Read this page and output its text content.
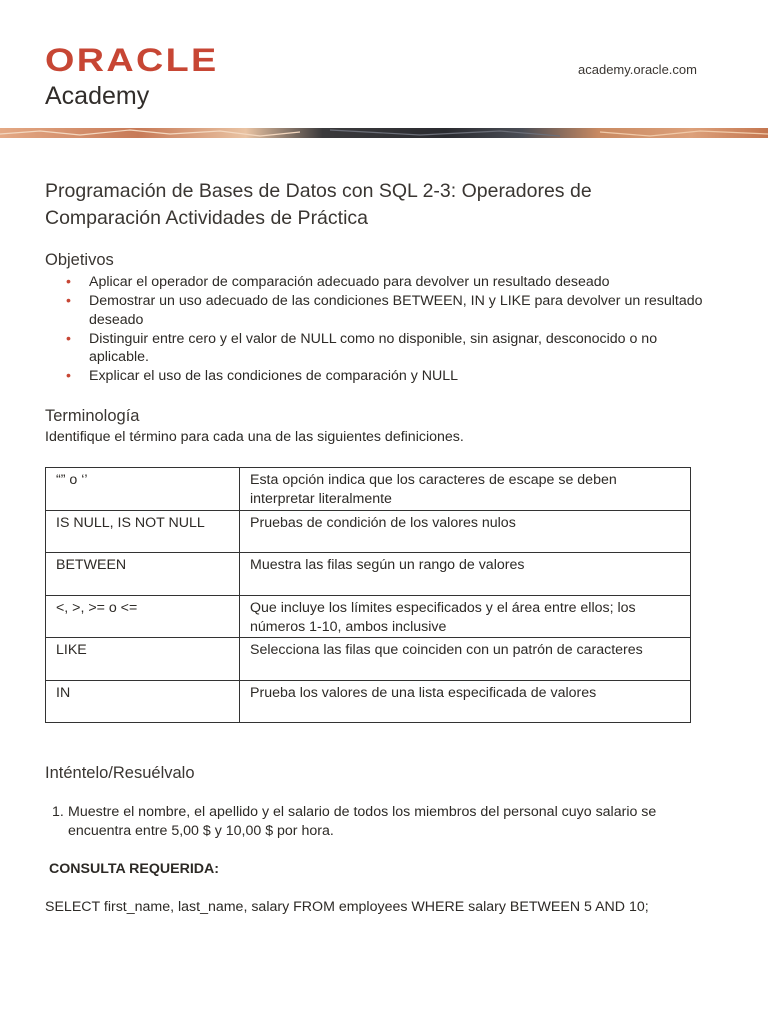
ORACLE
Academy
academy.oracle.com
Programación de Bases de Datos con SQL 2-3: Operadores de Comparación Actividades de Práctica
Objetivos
• Aplicar el operador de comparación adecuado para devolver un resultado deseado
• Demostrar un uso adecuado de las condiciones BETWEEN, IN y LIKE para devolver un resultado deseado
• Distinguir entre cero y el valor de NULL como no disponible, sin asignar, desconocido o no aplicable.
• Explicar el uso de las condiciones de comparación y NULL
Terminología
Identifique el término para cada una de las siguientes definiciones.
“” o ‘’	Esta opción indica que los caracteres de escape se deben interpretar literalmente
IS NULL, IS NOT NULL	Pruebas de condición de los valores nulos
BETWEEN	Muestra las filas según un rango de valores
<, >, >= o <=	Que incluye los límites especificados y el área entre ellos; los números 1-10, ambos inclusive
LIKE	Selecciona las filas que coinciden con un patrón de caracteres
IN	Prueba los valores de una lista especificada de valores
Inténtelo/Resuélvalo
1. Muestre el nombre, el apellido y el salario de todos los miembros del personal cuyo salario se encuentra entre 5,00 $ y 10,00 $ por hora.
CONSULTA REQUERIDA:
SELECT first_name, last_name, salary FROM employees WHERE salary BETWEEN 5 AND 10;
